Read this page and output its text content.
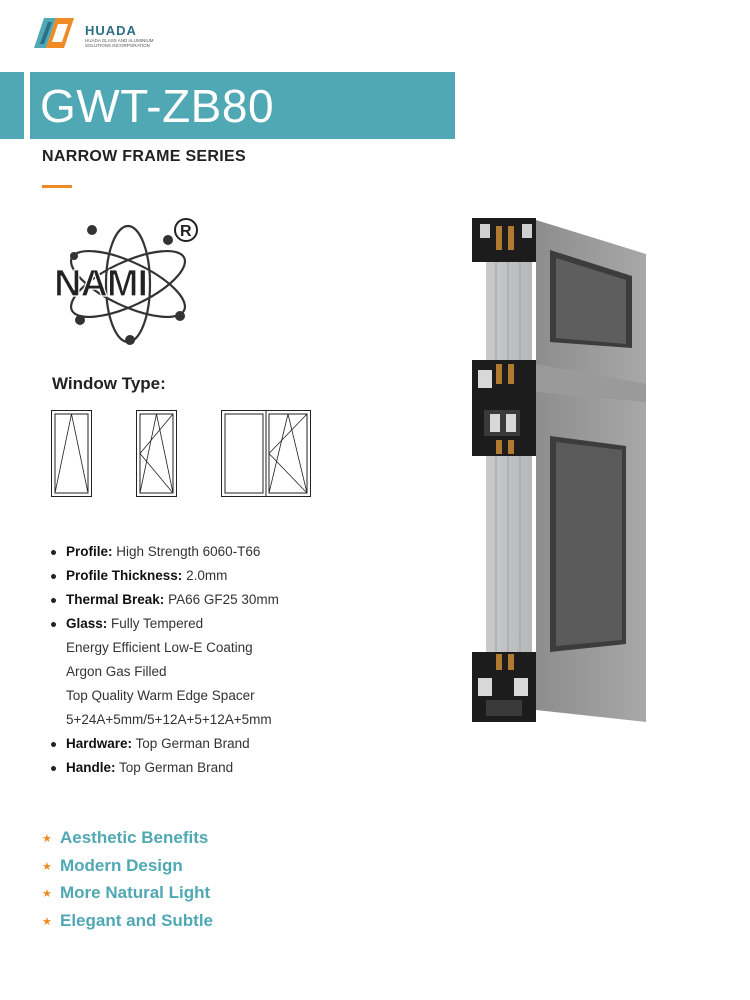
HUADA
HUADA GLASS AND ALUMINIUM SOLUTIONS INCORPORATION
GWT-ZB80
NARROW FRAME SERIES
NAMI
R
Window Type:
Profile: High Strength 6060-T66
Profile Thickness: 2.0mm
Thermal Break: PA66 GF25 30mm
Glass: Fully Tempered
Energy Efficient Low-E Coating
Argon Gas Filled
Top Quality Warm Edge Spacer
5+24A+5mm/5+12A+5+12A+5mm
Hardware: Top German Brand
Handle: Top German Brand
★ Aesthetic Benefits
★ Modern Design
★ More Natural Light
★ Elegant and Subtle
